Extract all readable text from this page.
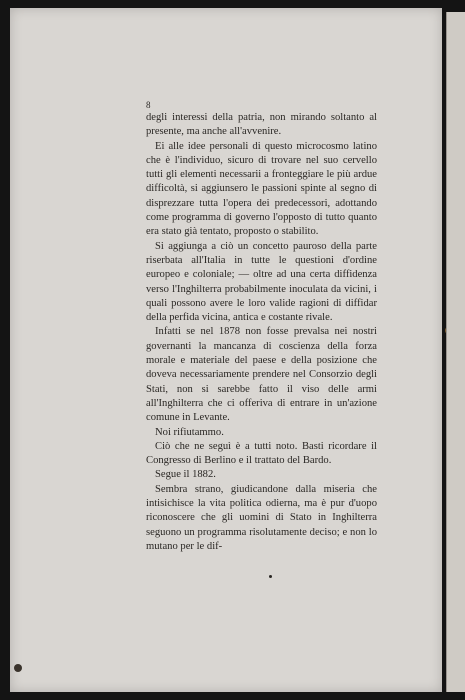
8

degli interessi della patria, non mirando soltanto al presente, ma anche all'avvenire.

Ei alle idee personali di questo microcosmo latino che è l'individuo, sicuro di trovare nel suo cervello tutti gli elementi necessarii a fronteggiare le più ardue difficoltà, si aggiunsero le passioni spinte al segno di disprezzare tutta l'opera dei predecessori, adottando come programma di governo l'opposto di tutto quanto era stato già tentato, proposto o stabilito.

Si aggiunga a ciò un concetto pauroso della parte riserbata all'Italia in tutte le questioni d'ordine europeo e coloniale; — oltre ad una certa diffidenza verso l'Inghilterra probabilmente inoculata da vicini, i quali possono avere le loro valide ragioni di diffidar della perfida vicina, antica e costante rivale.

Infatti se nel 1878 non fosse prevalsa nei nostri governanti la mancanza di coscienza della forza morale e materiale del paese e della posizione che doveva necessariamente prendere nel Consorzio degli Stati, non si sarebbe fatto il viso delle armi all'Inghilterra che ci offeriva di entrare in un'azione comune in Levante.

Noi rifiutammo.

Ciò che ne seguì è a tutti noto. Basti ricordare il Congresso di Berlino e il trattato del Bardo.

Segue il 1882.

Sembra strano, giudicandone dalla miseria che intisichisce la vita politica odierna, ma è pur d'uopo riconoscere che gli uomini di Stato in Inghilterra seguono un programma risolutamente deciso; e non lo mutano per le dif-
